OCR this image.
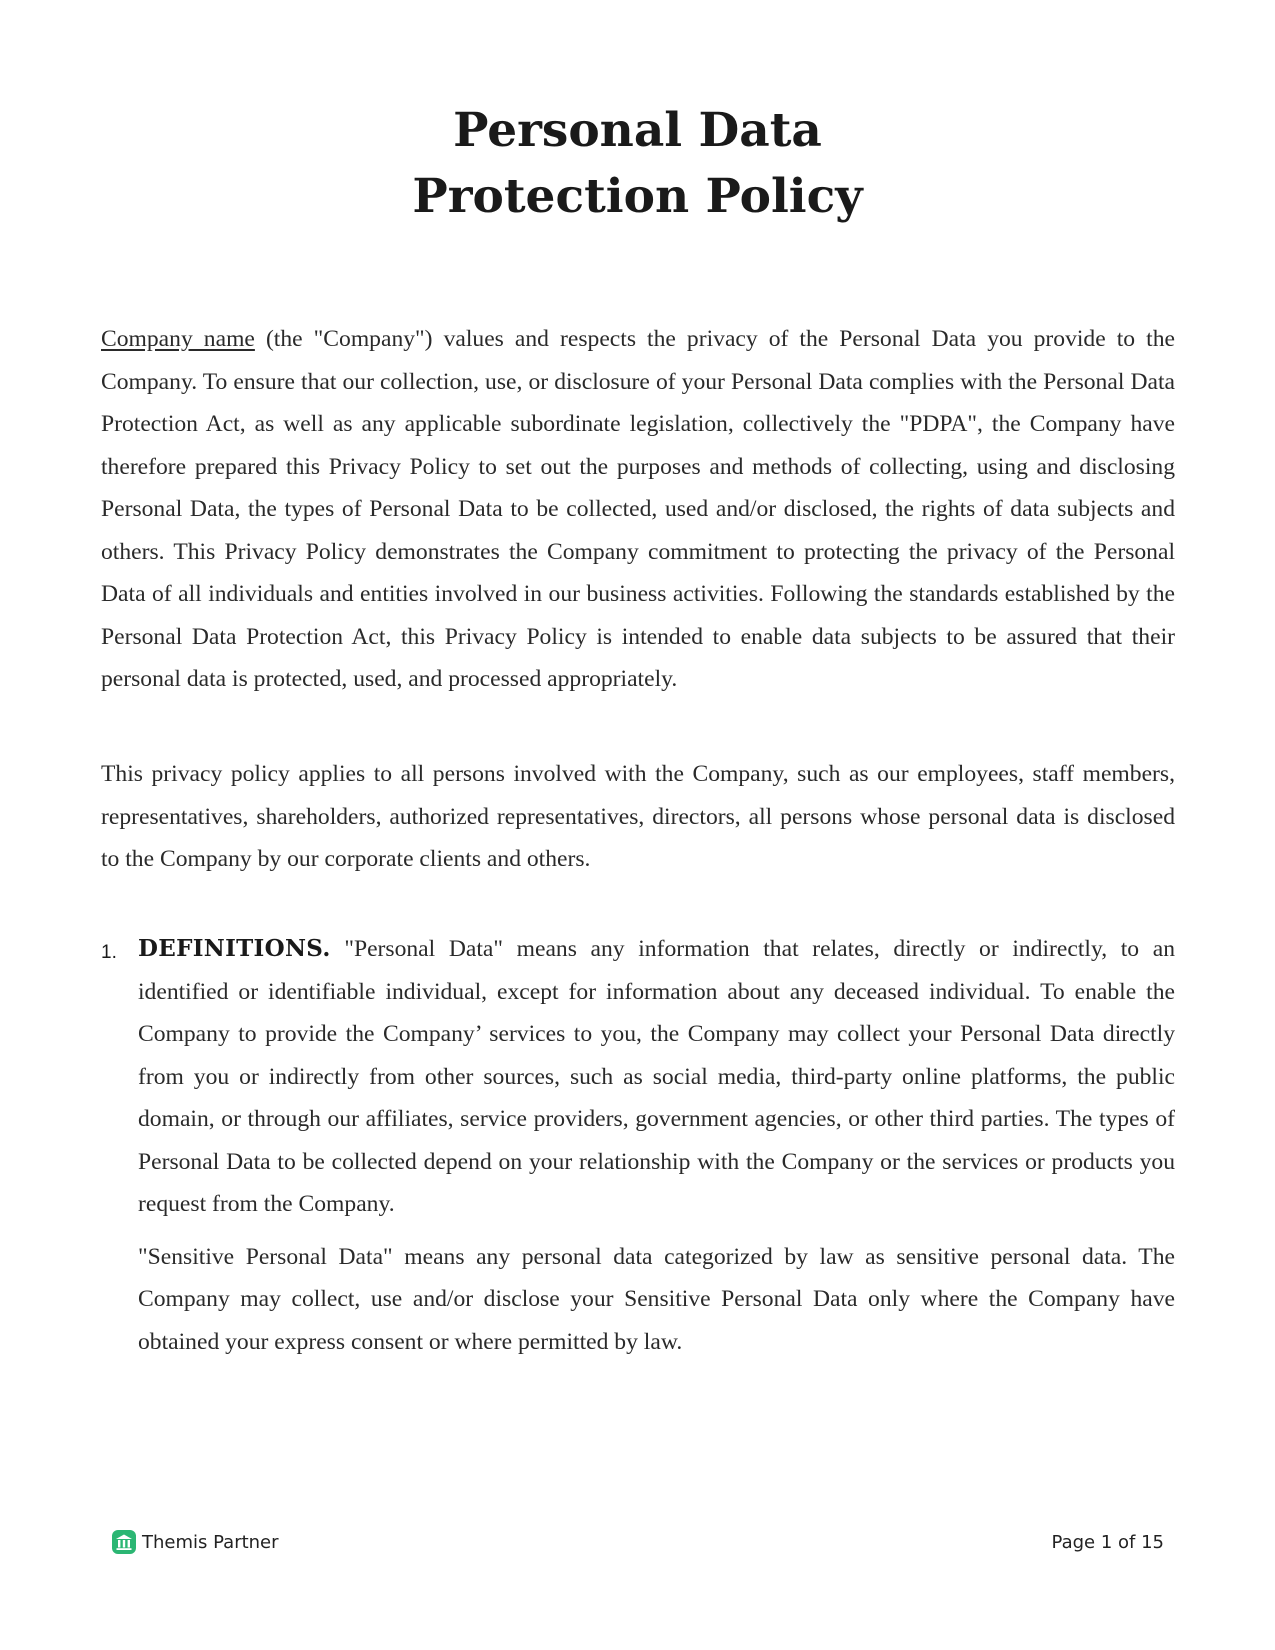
Personal Data
Protection Policy

Company name (the "Company") values and respects the privacy of the Personal Data you provide to the Company. To ensure that our collection, use, or disclosure of your Personal Data complies with the Personal Data Protection Act, as well as any applicable subordinate legislation, collectively the "PDPA", the Company have therefore prepared this Privacy Policy to set out the purposes and methods of collecting, using and disclosing Personal Data, the types of Personal Data to be collected, used and/or disclosed, the rights of data subjects and others. This Privacy Policy demonstrates the Company commitment to protecting the privacy of the Personal Data of all individuals and entities involved in our business activities. Following the standards established by the Personal Data Protection Act, this Privacy Policy is intended to enable data subjects to be assured that their personal data is protected, used, and processed appropriately.

This privacy policy applies to all persons involved with the Company, such as our employees, staff members, representatives, shareholders, authorized representatives, directors, all persons whose personal data is disclosed to the Company by our corporate clients and others.

1. DEFINITIONS. "Personal Data" means any information that relates, directly or indirectly, to an identified or identifiable individual, except for information about any deceased individual. To enable the Company to provide the Company’ services to you, the Company may collect your Personal Data directly from you or indirectly from other sources, such as social media, third-party online platforms, the public domain, or through our affiliates, service providers, government agencies, or other third parties. The types of Personal Data to be collected depend on your relationship with the Company or the services or products you request from the Company.

"Sensitive Personal Data" means any personal data categorized by law as sensitive personal data. The Company may collect, use and/or disclose your Sensitive Personal Data only where the Company have obtained your express consent or where permitted by law.

Themis Partner	Page 1 of 15
